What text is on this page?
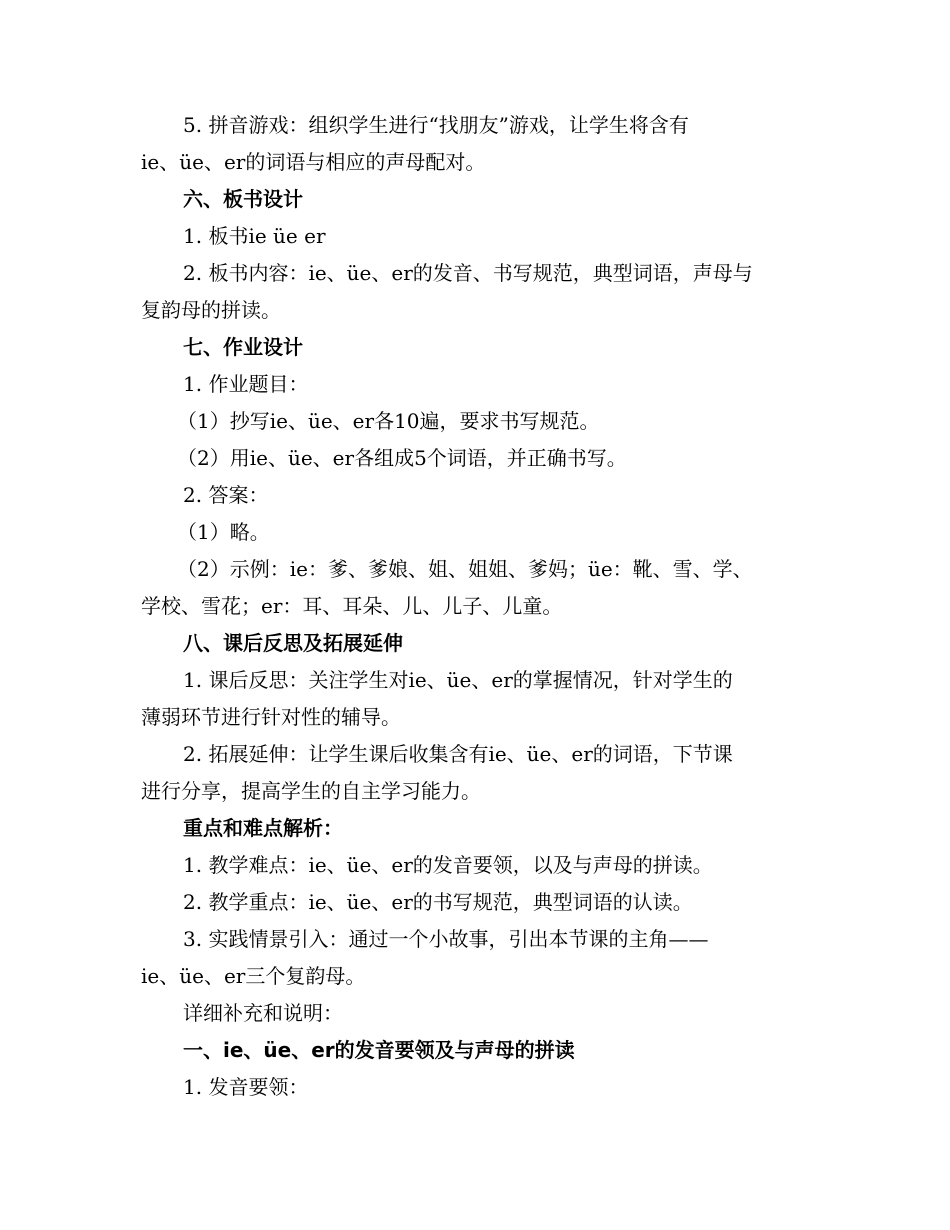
5. 拼音游戏：组织学生进行“找朋友”游戏，让学生将含有

ie、üe、er的词语与相应的声母配对。

六、板书设计

1. 板书ie üe er

2. 板书内容：ie、üe、er的发音、书写规范，典型词语，声母与

复韵母的拼读。

七、作业设计

1. 作业题目：

（1）抄写ie、üe、er各10遍，要求书写规范。

（2）用ie、üe、er各组成5个词语，并正确书写。

2. 答案：

（1）略。

（2）示例：ie：爹、爹娘、姐、姐姐、爹妈；üe：靴、雪、学、

学校、雪花；er：耳、耳朵、儿、儿子、儿童。

八、课后反思及拓展延伸

1. 课后反思：关注学生对ie、üe、er的掌握情况，针对学生的

薄弱环节进行针对性的辅导。

2. 拓展延伸：让学生课后收集含有ie、üe、er的词语，下节课

进行分享，提高学生的自主学习能力。

重点和难点解析：

1. 教学难点：ie、üe、er的发音要领，以及与声母的拼读。

2. 教学重点：ie、üe、er的书写规范，典型词语的认读。

3. 实践情景引入：通过一个小故事，引出本节课的主角——

ie、üe、er三个复韵母。

详细补充和说明：

一、ie、üe、er的发音要领及与声母的拼读

1. 发音要领：
